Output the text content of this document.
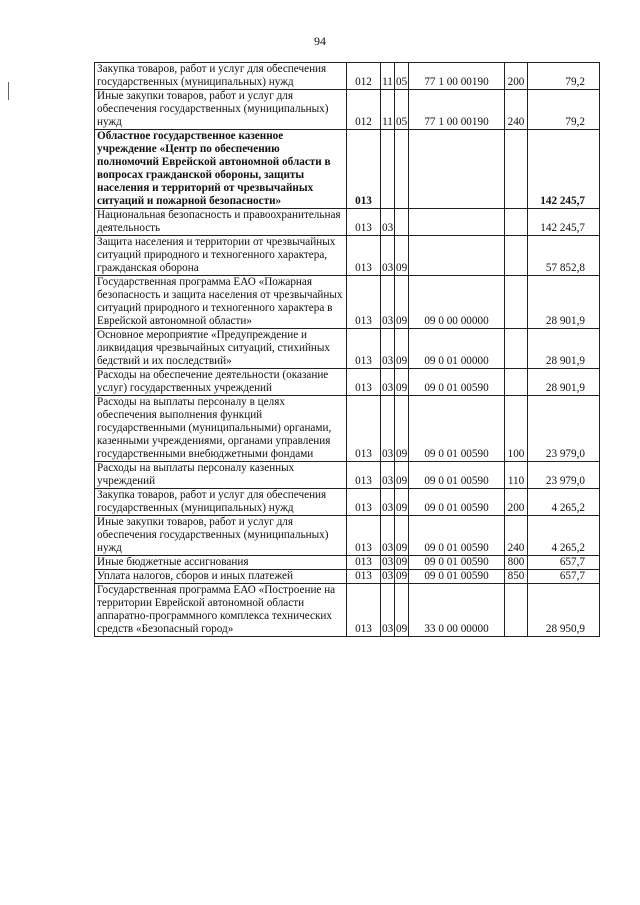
94
Закупка товаров, работ и услуг для обеспечения государственных (муниципальных) нужд	012	11	05	77 1 00 00190	200	79,2
Иные закупки товаров, работ и услуг для обеспечения государственных (муниципальных) нужд	012	11	05	77 1 00 00190	240	79,2
Областное государственное казенное учреждение «Центр по обеспечению полномочий Еврейской автономной области в вопросах гражданской обороны, защиты населения и территорий от чрезвычайных ситуаций и пожарной безопасности»	013					142 245,7
Национальная безопасность и правоохранительная деятельность	013	03				142 245,7
Защита населения и территории от чрезвычайных ситуаций природного и техногенного характера, гражданская оборона	013	03	09			57 852,8
Государственная программа ЕАО «Пожарная безопасность и защита населения от чрезвычайных ситуаций природного и техногенного характера в Еврейской автономной области»	013	03	09	09 0 00 00000		28 901,9
Основное мероприятие «Предупреждение и ликвидация чрезвычайных ситуаций, стихийных бедствий и их последствий»	013	03	09	09 0 01 00000		28 901,9
Расходы на обеспечение деятельности (оказание услуг) государственных учреждений	013	03	09	09 0 01 00590		28 901,9
Расходы на выплаты персоналу в целях обеспечения выполнения функций государственными (муниципальными) органами, казенными учреждениями, органами управления государственными внебюджетными фондами	013	03	09	09 0 01 00590	100	23 979,0
Расходы на выплаты персоналу казенных учреждений	013	03	09	09 0 01 00590	110	23 979,0
Закупка товаров, работ и услуг для обеспечения государственных (муниципальных) нужд	013	03	09	09 0 01 00590	200	4 265,2
Иные закупки товаров, работ и услуг для обеспечения государственных (муниципальных) нужд	013	03	09	09 0 01 00590	240	4 265,2
Иные бюджетные ассигнования	013	03	09	09 0 01 00590	800	657,7
Уплата налогов, сборов и иных платежей	013	03	09	09 0 01 00590	850	657,7
Государственная программа ЕАО «Построение на территории Еврейской автономной области аппаратно-программного комплекса технических средств «Безопасный город»	013	03	09	33 0 00 00000		28 950,9
